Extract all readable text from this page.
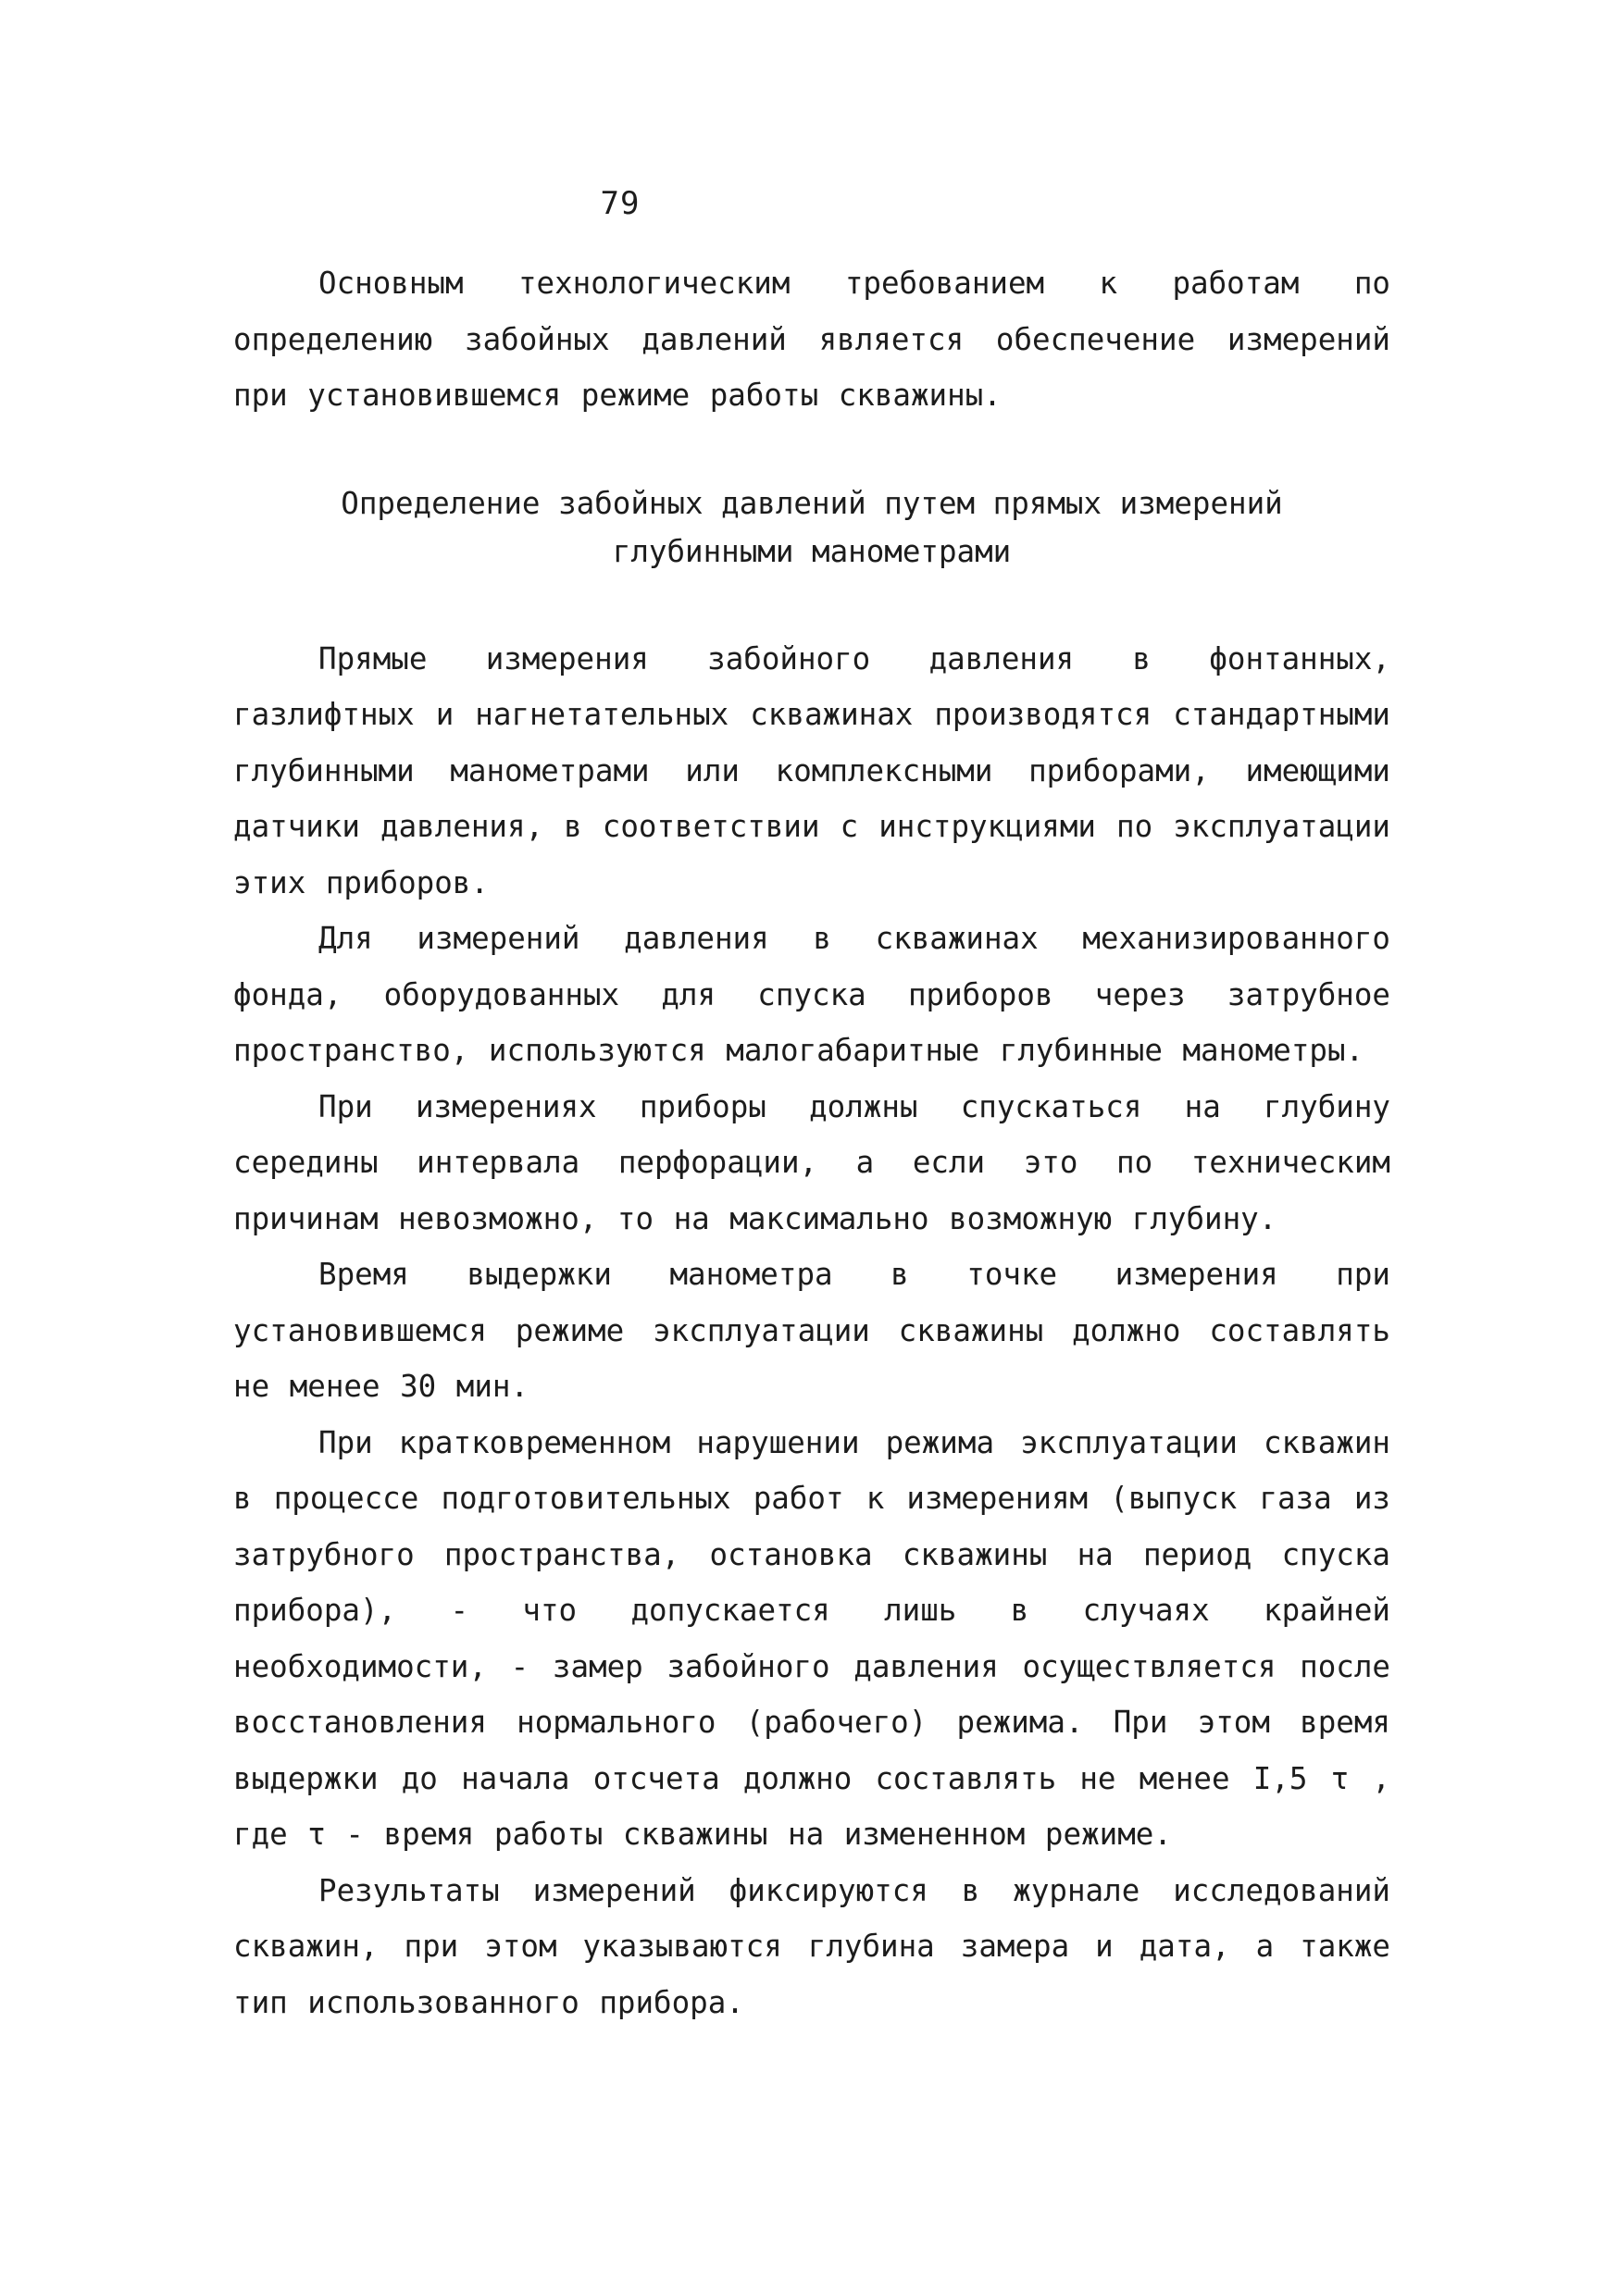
79

Основным технологическим требованием к работам по определению забойных давлений является обеспечение измерений при установившемся режиме работы скважины.

Определение забойных давлений путем прямых измерений
глубинными манометрами

Прямые измерения забойного давления в фонтанных, газлифтных и нагнетательных скважинах производятся стандартными глубинными манометрами или комплексными приборами, имеющими датчики давления, в соответствии с инструкциями по эксплуатации этих приборов.

Для измерений давления в скважинах механизированного фонда, оборудованных для спуска приборов через затрубное пространство, используются малогабаритные глубинные манометры.

При измерениях приборы должны спускаться на глубину середины интервала перфорации, а если это по техническим причинам невозможно, то на максимально возможную глубину.

Время выдержки манометра в точке измерения при установившемся режиме эксплуатации скважины должно составлять не менее 30 мин.

При кратковременном нарушении режима эксплуатации скважин в процессе подготовительных работ к измерениям (выпуск газа из затрубного пространства, остановка скважины на период спуска прибора), - что допускается лишь в случаях крайней необходимости, - замер забойного давления осуществляется после восстановления нормального (рабочего) режима. При этом время выдержки до начала отсчета должно составлять не менее I,5 τ , где τ - время работы скважины на измененном режиме.

Результаты измерений фиксируются в журнале исследований скважин, при этом указываются глубина замера и дата, а также тип использованного прибора.
